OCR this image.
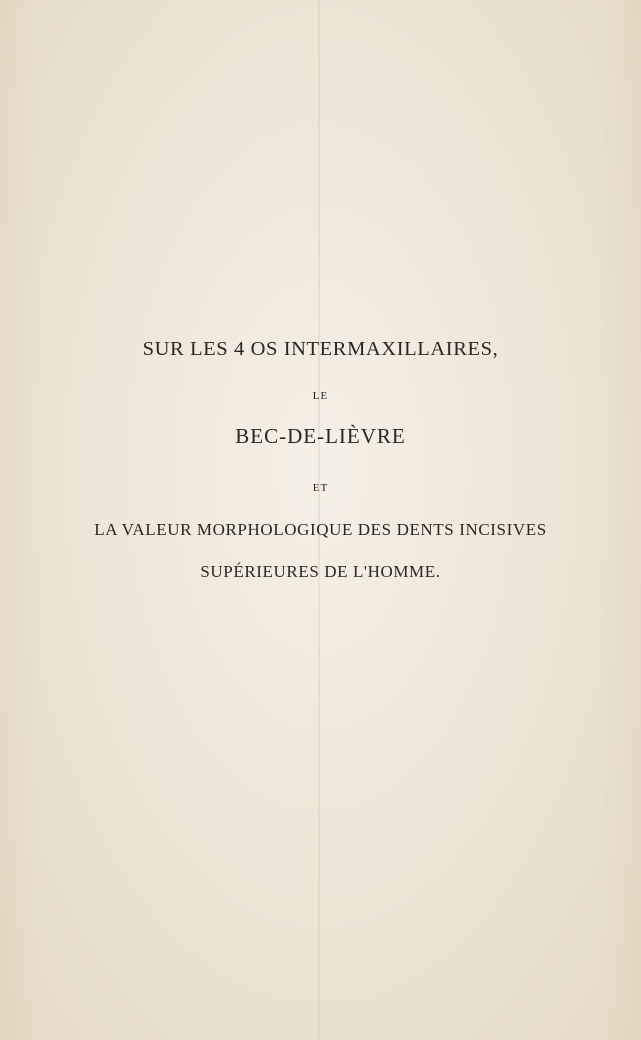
SUR LES 4 OS INTERMAXILLAIRES,
LE
BEC-DE-LIÈVRE
ET
LA VALEUR MORPHOLOGIQUE DES DENTS INCISIVES
SUPÉRIEURES DE L'HOMME.
